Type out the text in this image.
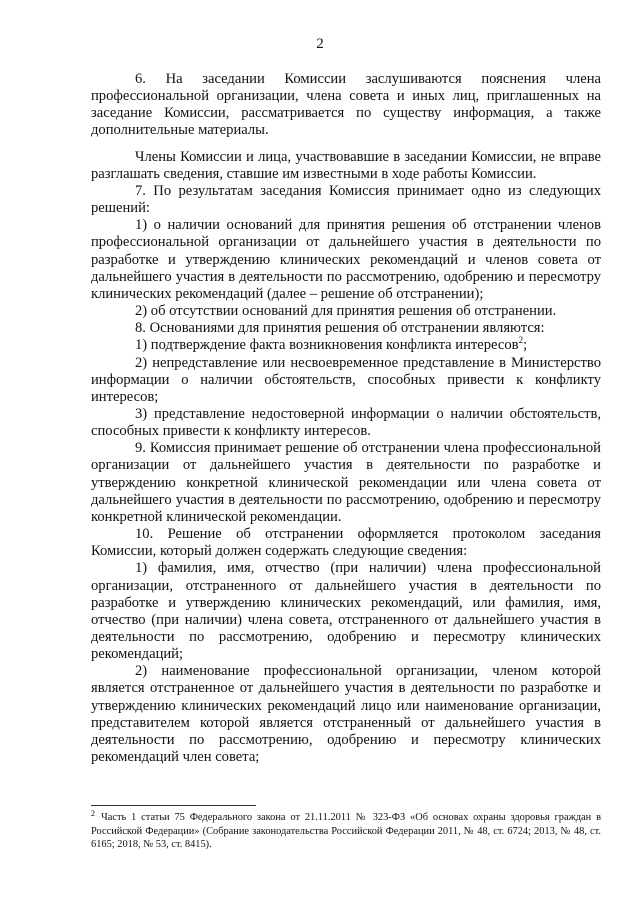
2

6. На заседании Комиссии заслушиваются пояснения члена профессиональной организации, члена совета и иных лиц, приглашенных на заседание Комиссии, рассматривается по существу информация, а также дополнительные материалы.

Члены Комиссии и лица, участвовавшие в заседании Комиссии, не вправе разглашать сведения, ставшие им известными в ходе работы Комиссии.

7. По результатам заседания Комиссия принимает одно из следующих решений:

1) о наличии оснований для принятия решения об отстранении членов профессиональной организации от дальнейшего участия в деятельности по разработке и утверждению клинических рекомендаций и членов совета от дальнейшего участия в деятельности по рассмотрению, одобрению и пересмотру клинических рекомендаций (далее – решение об отстранении);

2) об отсутствии оснований для принятия решения об отстранении.

8. Основаниями для принятия решения об отстранении являются:

1) подтверждение факта возникновения конфликта интересов$^2$;

2) непредставление или несвоевременное представление в Министерство информации о наличии обстоятельств, способных привести к конфликту интересов;

3) представление недостоверной информации о наличии обстоятельств, способных привести к конфликту интересов.

9. Комиссия принимает решение об отстранении члена профессиональной организации от дальнейшего участия в деятельности по разработке и утверждению конкретной клинической рекомендации или члена совета от дальнейшего участия в деятельности по рассмотрению, одобрению и пересмотру конкретной клинической рекомендации.

10. Решение об отстранении оформляется протоколом заседания Комиссии, который должен содержать следующие сведения:

1) фамилия, имя, отчество (при наличии) члена профессиональной организации, отстраненного от дальнейшего участия в деятельности по разработке и утверждению клинических рекомендаций, или фамилия, имя, отчество (при наличии) члена совета, отстраненного от дальнейшего участия в деятельности по рассмотрению, одобрению и пересмотру клинических рекомендаций;

2) наименование профессиональной организации, членом которой является отстраненное от дальнейшего участия в деятельности по разработке и утверждению клинических рекомендаций лицо или наименование организации, представителем которой является отстраненный от дальнейшего участия в деятельности по рассмотрению, одобрению и пересмотру клинических рекомендаций член совета;

$^2$ Часть 1 статьи 75 Федерального закона от 21.11.2011 № 323-ФЗ «Об основах охраны здоровья граждан в Российской Федерации» (Собрание законодательства Российской Федерации 2011, № 48, ст. 6724; 2013, № 48, ст. 6165; 2018, № 53, ст. 8415).
